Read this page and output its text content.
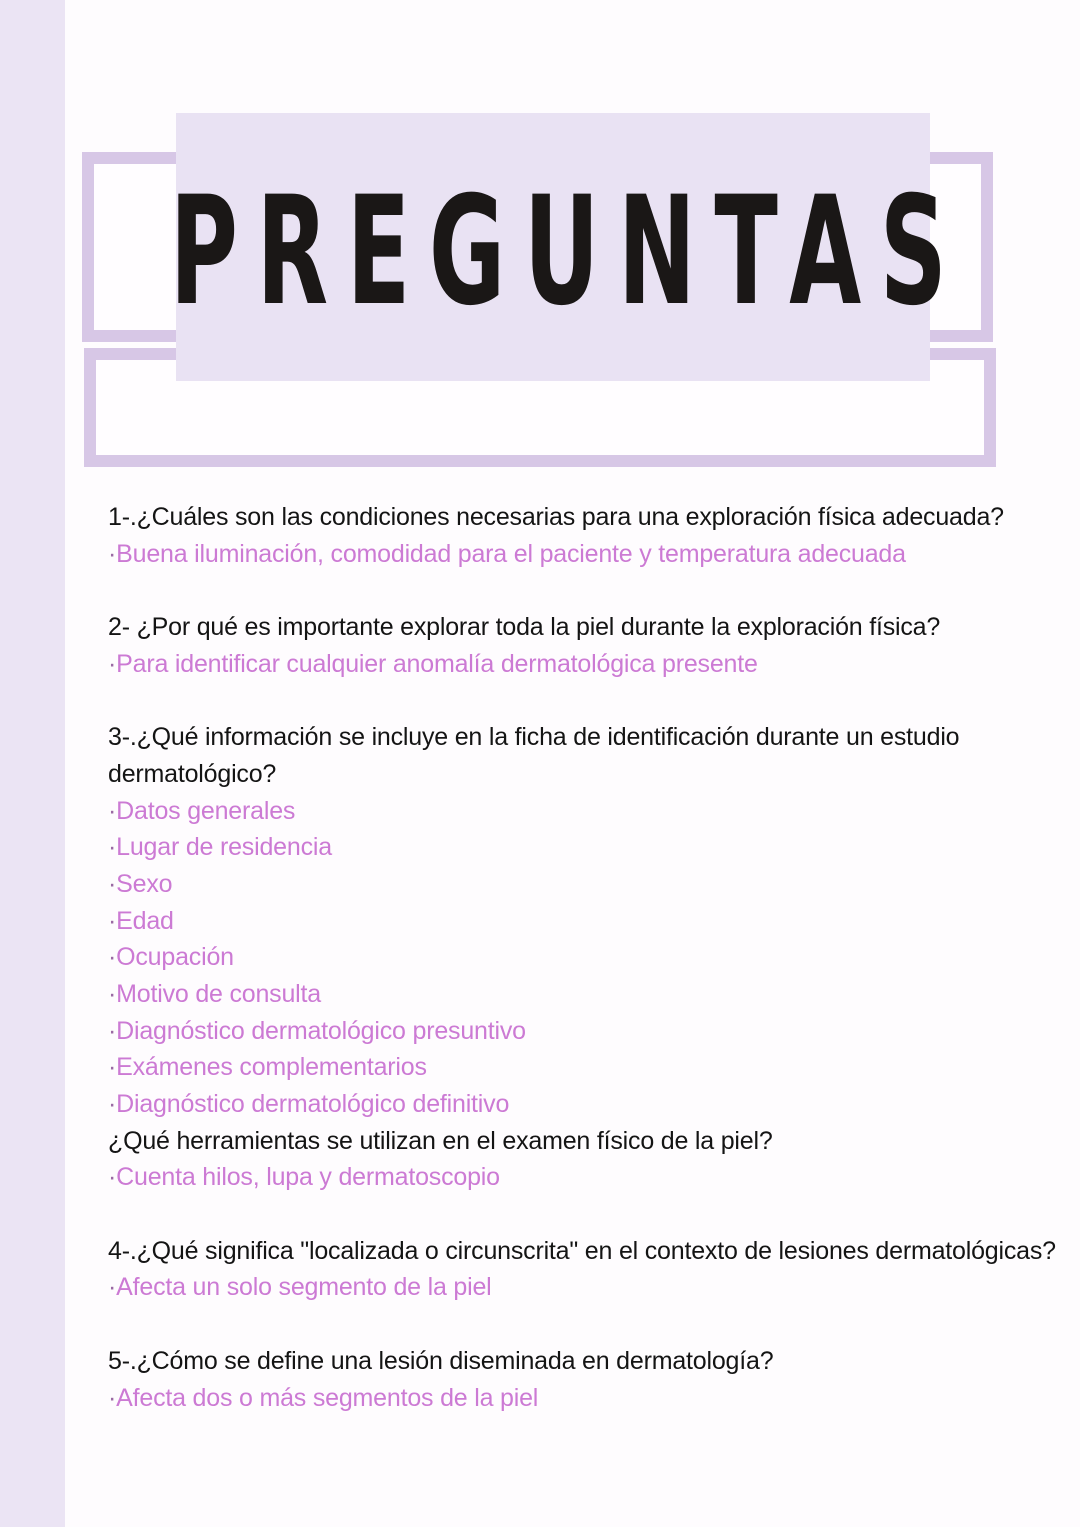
PREGUNTAS
1-.¿Cuáles son las condiciones necesarias para una exploración física adecuada?
·Buena iluminación, comodidad para el paciente y temperatura adecuada
2- ¿Por qué es importante explorar toda la piel durante la exploración física?
·Para identificar cualquier anomalía dermatológica presente
3-.¿Qué información se incluye en la ficha de identificación durante un estudio
dermatológico?
·Datos generales
·Lugar de residencia
·Sexo
·Edad
·Ocupación
·Motivo de consulta
·Diagnóstico dermatológico presuntivo
·Exámenes complementarios
·Diagnóstico dermatológico definitivo
¿Qué herramientas se utilizan en el examen físico de la piel?
·Cuenta hilos, lupa y dermatoscopio
4-.¿Qué significa "localizada o circunscrita" en el contexto de lesiones dermatológicas?
·Afecta un solo segmento de la piel
5-.¿Cómo se define una lesión diseminada en dermatología?
·Afecta dos o más segmentos de la piel
